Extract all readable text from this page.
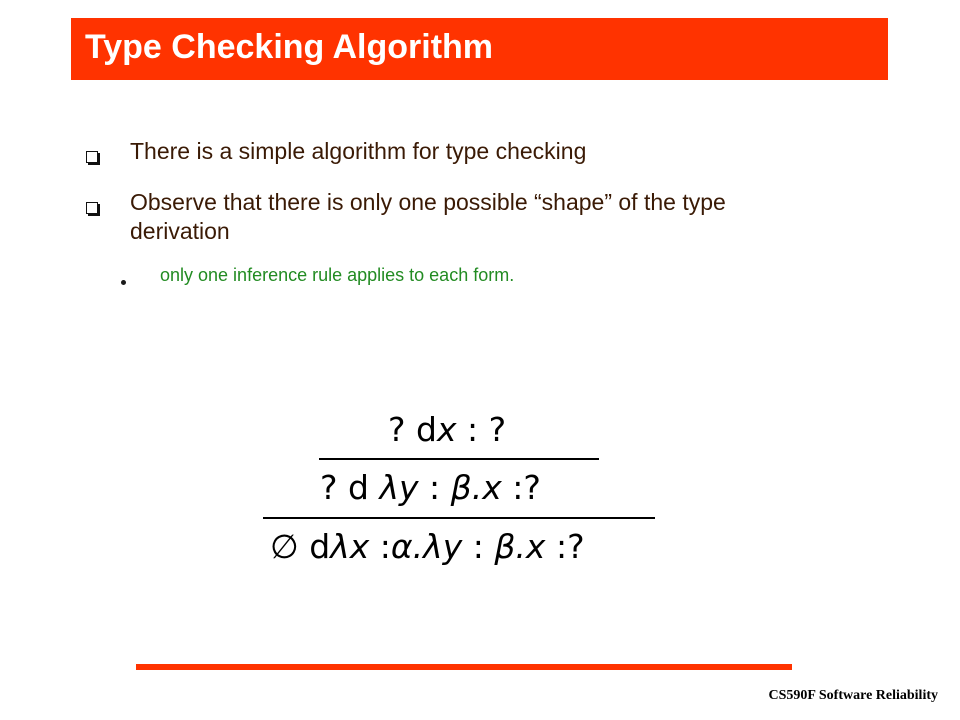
Type Checking Algorithm
There is a simple algorithm for type checking
Observe that there is only one possible “shape” of the type derivation
only one inference rule applies to each form.
? dx : ?
? d λy : β.x :?
∅ dλx :α.λy : β.x :?
CS590F Software Reliability
